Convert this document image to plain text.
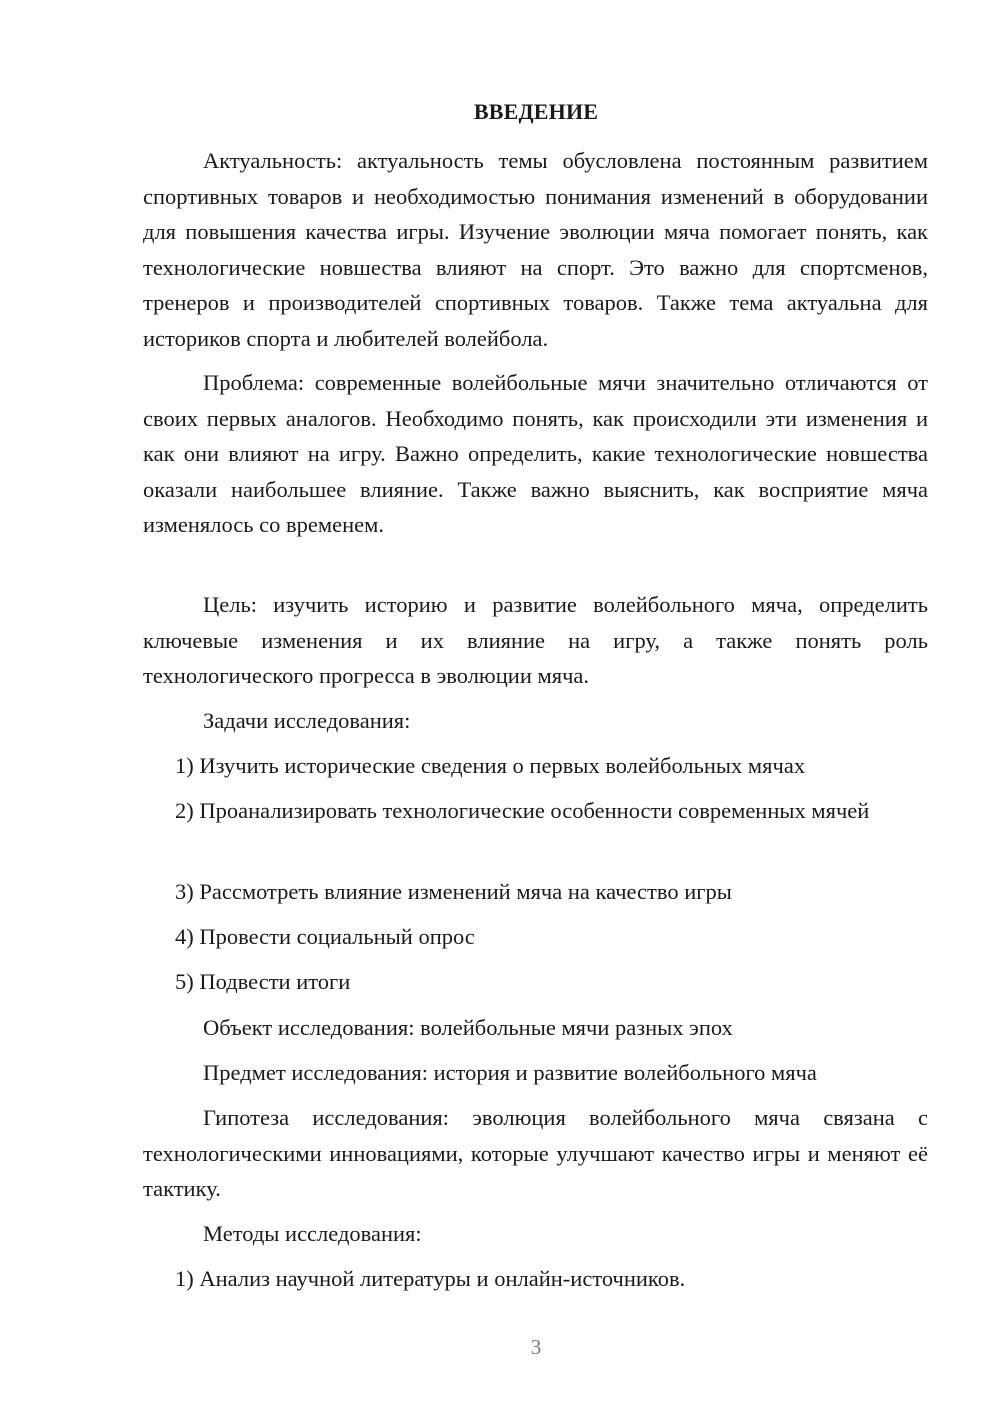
ВВЕДЕНИЕ

Актуальность: актуальность темы обусловлена постоянным развитием спортивных товаров и необходимостью понимания изменений в оборудовании для повышения качества игры. Изучение эволюции мяча помогает понять, как технологические новшества влияют на спорт. Это важно для спортсменов, тренеров и производителей спортивных товаров. Также тема актуальна для историков спорта и любителей волейбола.

Проблема: современные волейбольные мячи значительно отличаются от своих первых аналогов. Необходимо понять, как происходили эти изменения и как они влияют на игру. Важно определить, какие технологические новшества оказали наибольшее влияние. Также важно выяснить, как восприятие мяча изменялось со временем.

Цель: изучить историю и развитие волейбольного мяча, определить ключевые изменения и их влияние на игру, а также понять роль технологического прогресса в эволюции мяча.

Задачи исследования:

1) Изучить исторические сведения о первых волейбольных мячах

2) Проанализировать технологические особенности современных мячей

3) Рассмотреть влияние изменений мяча на качество игры

4) Провести социальный опрос

5) Подвести итоги

Объект исследования: волейбольные мячи разных эпох

Предмет исследования: история и развитие волейбольного мяча

Гипотеза исследования: эволюция волейбольного мяча связана с технологическими инновациями, которые улучшают качество игры и меняют её тактику.

Методы исследования:

1) Анализ научной литературы и онлайн-источников.

3
